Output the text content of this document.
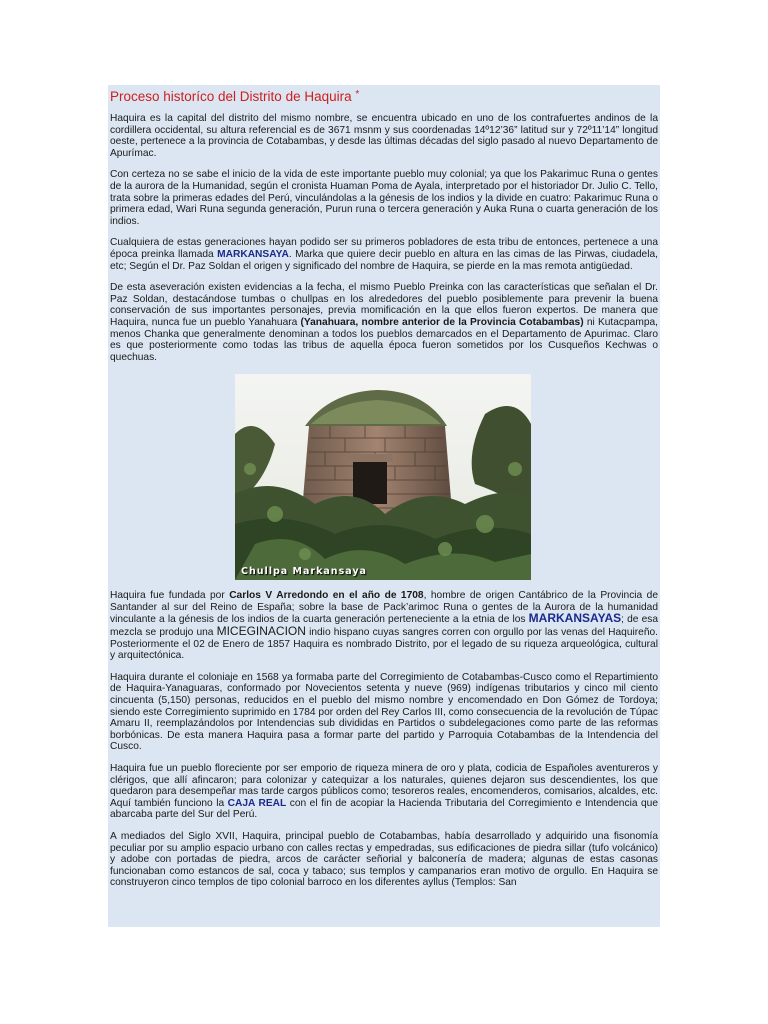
Proceso historíco del Distrito de Haquira *

Haquira es la capital del distrito del mismo nombre, se encuentra ubicado en uno de los contrafuertes andinos de la cordillera occidental, su altura referencial es de 3671 msnm y sus coordenadas 14º12’36” latitud sur y 72º11’14” longitud oeste, pertenece a la provincia de Cotabambas, y desde las últimas décadas del siglo pasado al nuevo Departamento de Apurímac.

Con certeza no se sabe el inicio de la vida de este importante pueblo muy colonial; ya que los Pakarimuc Runa o gentes de la aurora de la Humanidad, según el cronista Huaman Poma de Ayala, interpretado por el historiador Dr. Julio C. Tello, trata sobre la primeras edades del Perú, vinculándolas a la génesis de los indios y la divide en cuatro: Pakarimuc Runa o primera edad, Wari Runa segunda generación, Purun runa o tercera generación y Auka Runa o cuarta generación de los indios.

Cualquiera de estas generaciones hayan podido ser su primeros pobladores de esta tribu de entonces, pertenece a una época preinka llamada MARKANSAYA. Marka que quiere decir pueblo en altura en las cimas de las Pirwas, ciudadela, etc; Según el Dr. Paz Soldan el origen y significado del nombre de Haquira, se pierde en la mas remota antigüedad.

De esta aseveración existen evidencias a la fecha, el mismo Pueblo Preinka con las características que señalan el Dr. Paz Soldan, destacándose tumbas o chullpas en los alrededores del pueblo posiblemente para prevenir la buena conservación de sus importantes personajes, previa momificación en la que ellos fueron expertos. De manera que Haquira, nunca fue un pueblo Yanahuara (Yanahuara, nombre anterior de la Provincia Cotabambas) ni Kutacpampa, menos Chanka que generalmente denominan a todos los pueblos demarcados en el Departamento de Apurimac. Claro es que posteriormente como todas las tribus de aquella época fueron sometidos por los Cusqueños Kechwas o quechuas.

Chullpa Markansaya

Haquira fue fundada por Carlos V Arredondo en el año de 1708, hombre de origen Cantábrico de la Provincia de Santander al sur del Reino de España; sobre la base de Pack’arimoc Runa o gentes de la Aurora de la humanidad vinculante a la génesis de los indios de la cuarta generación perteneciente a la etnia de los MARKANSAYAS; de esa mezcla se produjo una MICEGINACION indio hispano cuyas sangres corren con orgullo por las venas del Haquireño. Posteriormente el 02 de Enero de 1857 Haquira es nombrado Distrito, por el legado de su riqueza arqueológica, cultural y arquitectónica.

Haquira durante el coloniaje en 1568 ya formaba parte del Corregimiento de Cotabambas-Cusco como el Repartimiento de Haquira-Yanaguaras, conformado por Novecientos setenta y nueve (969) indígenas tributarios y cinco mil ciento cincuenta (5,150) personas, reducidos en el pueblo del mismo nombre y encomendado en Don Gómez de Tordoya; siendo este Corregimiento suprimido en 1784 por orden del Rey Carlos III, como consecuencia de la revolución de Túpac Amaru II, reemplazándolos por Intendencias sub divididas en Partidos o subdelegaciones como parte de las reformas borbónicas. De esta manera Haquira pasa a formar parte del partido y Parroquia Cotabambas de la Intendencia del Cusco.

Haquira fue un pueblo floreciente por ser emporio de riqueza minera de oro y plata, codicia de Españoles aventureros y clérigos, que allí afincaron; para colonizar y catequizar a los naturales, quienes dejaron sus descendientes, los que quedaron para desempeñar mas tarde cargos públicos como; tesoreros reales, encomenderos, comisarios, alcaldes, etc. Aquí también funciono la CAJA REAL con el fin de acopiar la Hacienda Tributaria del Corregimiento e Intendencia que abarcaba parte del Sur del Perú.

A mediados del Siglo XVII, Haquira, principal pueblo de Cotabambas, había desarrollado y adquirido una fisonomía peculiar por su amplio espacio urbano con calles rectas y empedradas, sus edificaciones de piedra sillar (tufo volcánico) y adobe con portadas de piedra, arcos de carácter señorial y balconería de madera; algunas de estas casonas funcionaban como estancos de sal, coca y tabaco; sus templos y campanarios eran motivo de orgullo. En Haquira se construyeron cinco templos de tipo colonial barroco en los diferentes ayllus (Templos: San
